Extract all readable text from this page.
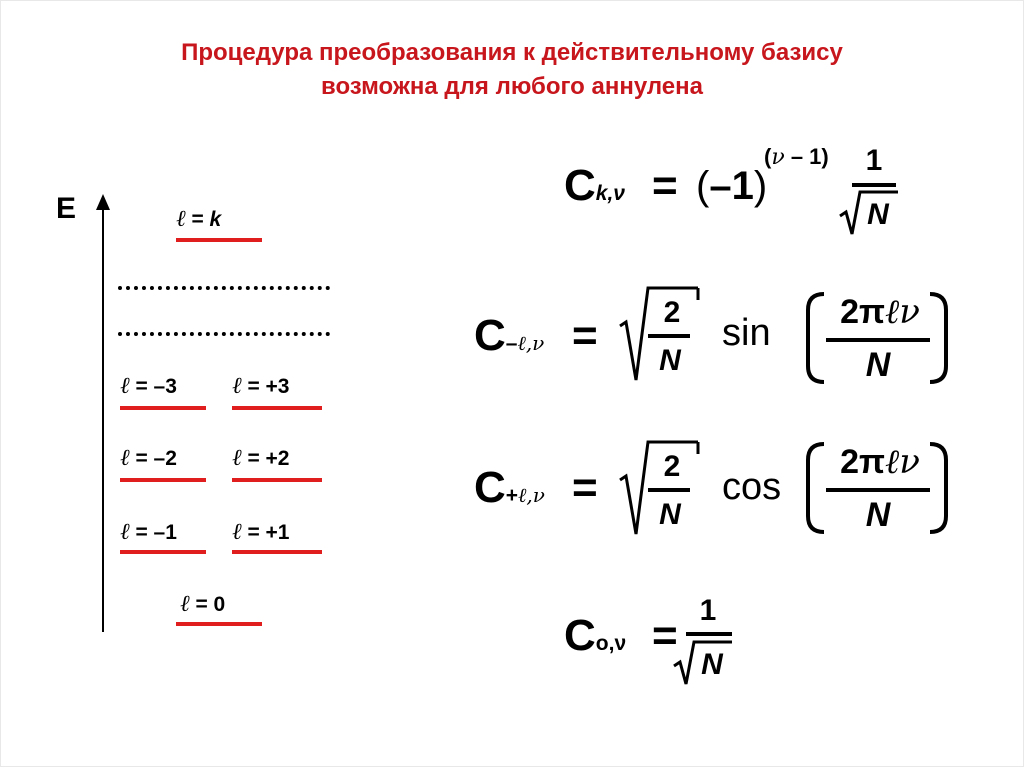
Процедура преобразования к действительному базису
возможна для любого аннулена
E	ℓ = k
ℓ = –3 ℓ = +3
ℓ = –2 ℓ = +2
ℓ = –1 ℓ = +1
ℓ = 0
Ck,ν = (–1)
(ν – 1)	1
N
C–ℓ,ν =	2
N
sin 2πℓν
N
C+ℓ,ν =	2
N
cos
2πℓν
N
Co,ν =
1
N
